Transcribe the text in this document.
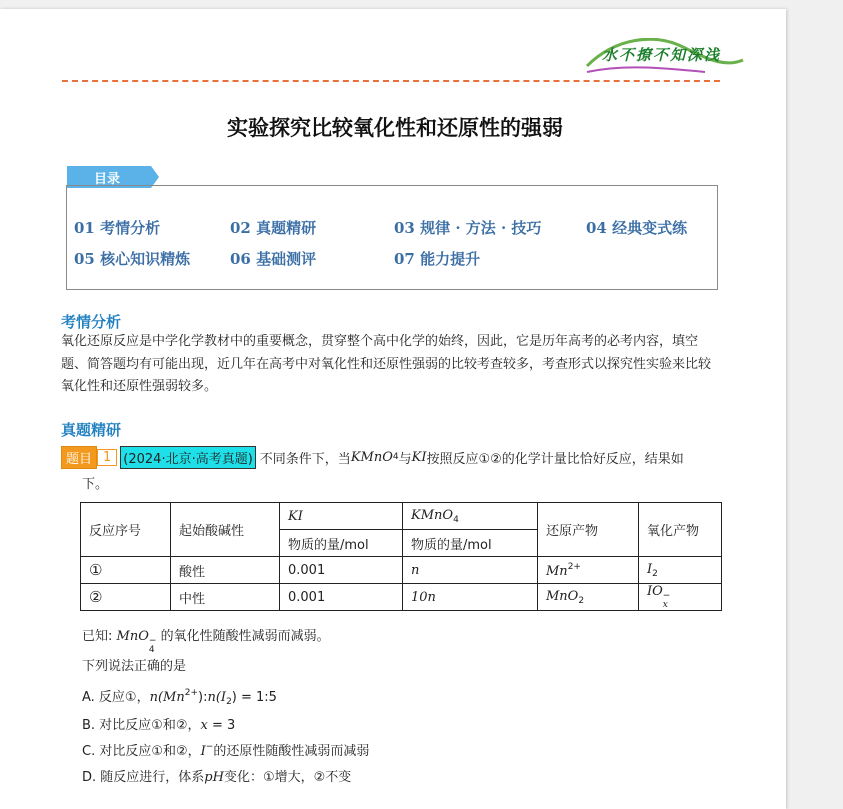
水不撩不知深浅
实验探究比较氧化性和还原性的强弱
目录
01 考情分析	02 真题精研	03 规律 · 方法 · 技巧	04 经典变式练
05 核心知识精炼	06 基础测评	07 能力提升
考情分析
氧化还原反应是中学化学教材中的重要概念，贯穿整个高中化学的始终，因此，它是历年高考的必考内容，填空题、简答题均有可能出现，近几年在高考中对氧化性和还原性强弱的比较考查较多，考查形式以探究性实验来比较氧化性和还原性强弱较多。
真题精研
题目 1 (2024·北京·高考真题) 不同条件下，当 KMnO 4 与 KI 按照反应①②的化学计量比恰好反应，结果如
下。
反应序号	起始酸碱性	KI	KMnO$_4$	还原产物	氧化产物
		物质的量/mol	物质的量/mol		
①	酸性	0.001	n	$Mn^{2+}$	$I_2$
②	中性	0.001	10n	MnO$_2$	IO −
x
已知: MnO −
4
的氧化性随酸性减弱而减弱。
下列说法正确的是
A. 反应①，$n(Mn^{2+}):n(I_2)$ = 1:5
B. 对比反应①和②，x = 3
C. 对比反应①和②，I−的还原性随酸性减弱而减弱
D. 随反应进行，体系pH变化：①增大，②不变
